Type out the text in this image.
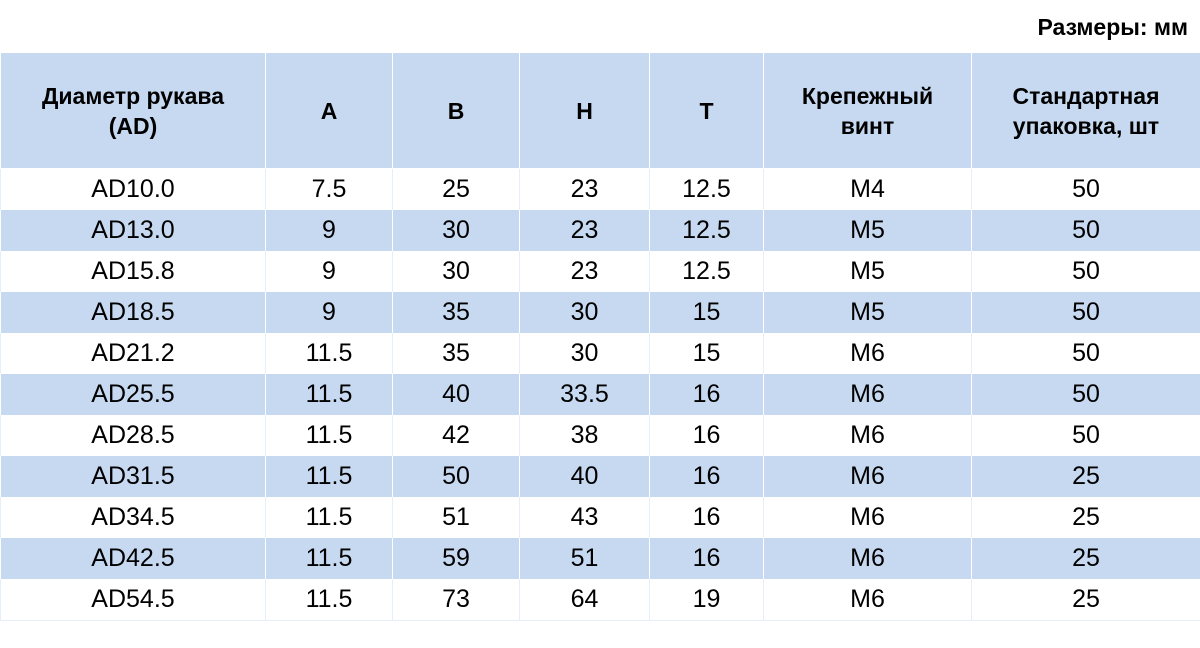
Размеры: мм
Диаметр рукава (AD)	A	B	H	T	Крепежный винт	Стандартная упаковка, шт
AD10.0	7.5	25	23	12.5	M4	50
AD13.0	9	30	23	12.5	M5	50
AD15.8	9	30	23	12.5	M5	50
AD18.5	9	35	30	15	M5	50
AD21.2	11.5	35	30	15	M6	50
AD25.5	11.5	40	33.5	16	M6	50
AD28.5	11.5	42	38	16	M6	50
AD31.5	11.5	50	40	16	M6	25
AD34.5	11.5	51	43	16	M6	25
AD42.5	11.5	59	51	16	M6	25
AD54.5	11.5	73	64	19	M6	25
